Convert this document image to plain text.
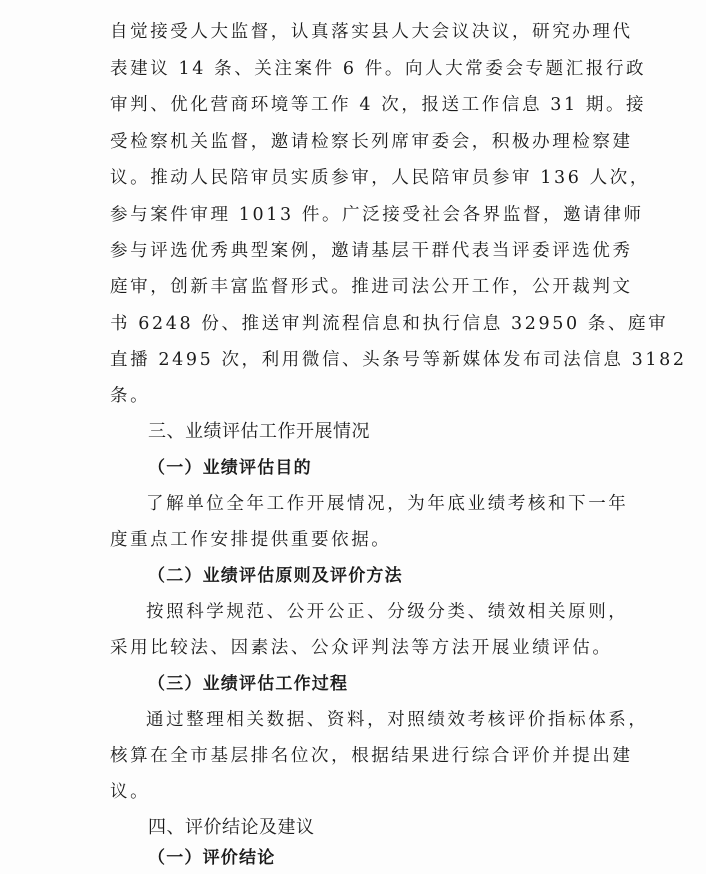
自觉接受人大监督，认真落实县人大会议决议，研究办理代
表建议 14 条、关注案件 6 件。向人大常委会专题汇报行政
审判、优化营商环境等工作 4 次，报送工作信息 31 期。接
受检察机关监督，邀请检察长列席审委会，积极办理检察建
议。推动人民陪审员实质参审，人民陪审员参审 136 人次，
参与案件审理 1013 件。广泛接受社会各界监督，邀请律师
参与评选优秀典型案例，邀请基层干群代表当评委评选优秀
庭审，创新丰富监督形式。推进司法公开工作，公开裁判文
书 6248 份、推送审判流程信息和执行信息 32950 条、庭审
直播 2495 次，利用微信、头条号等新媒体发布司法信息 3182
条。
三、业绩评估工作开展情况
（一）业绩评估目的
了解单位全年工作开展情况，为年底业绩考核和下一年
度重点工作安排提供重要依据。
（二）业绩评估原则及评价方法
按照科学规范、公开公正、分级分类、绩效相关原则，
采用比较法、因素法、公众评判法等方法开展业绩评估。
（三）业绩评估工作过程
通过整理相关数据、资料，对照绩效考核评价指标体系，
核算在全市基层排名位次，根据结果进行综合评价并提出建
议。
四、评价结论及建议
（一）评价结论
